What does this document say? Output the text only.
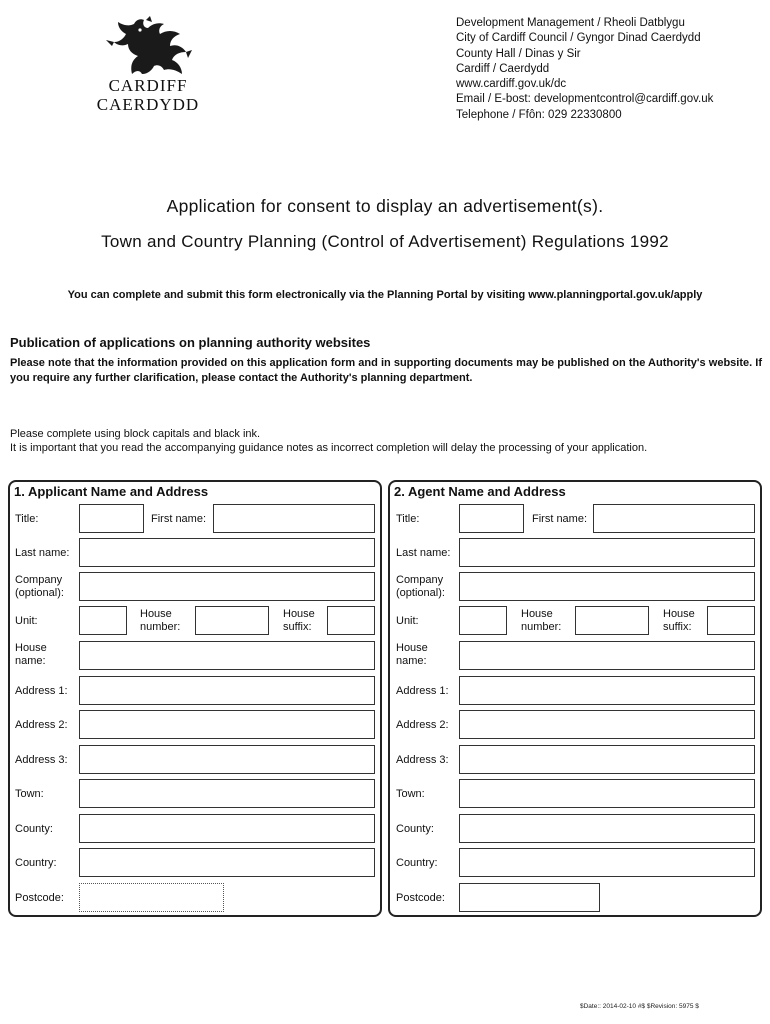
CARDIFF
CAERDYDD
Development Management / Rheoli Datblygu
City of Cardiff Council / Gyngor Dinad Caerdydd
County Hall / Dinas y Sir
Cardiff / Caerdydd
www.cardiff.gov.uk/dc
Email / E-bost: developmentcontrol@cardiff.gov.uk
Telephone / Ffôn: 029 22330800
Application for consent to display an advertisement(s).
Town and Country Planning (Control of Advertisement) Regulations 1992
You can complete and submit this form electronically via the Planning Portal by visiting www.planningportal.gov.uk/apply
Publication of applications on planning authority websites
Please note that the information provided on this application form and in supporting documents may be published on the Authority's website. If you require any further clarification, please contact the Authority's planning department.
Please complete using block capitals and black ink.
It is important that you read the accompanying guidance notes as incorrect completion will delay the processing of your application.
1. Applicant Name and Address
Title:	First name:
Last name:
Company (optional):
Unit:
House number:
House suffix:
House name:
Address 1:
Address 2:
Address 3:
Town:
County:
Country:
Postcode:
2. Agent Name and Address
Title:	First name:
Last name:
Company (optional):
Unit:
House number:
House suffix:
House name:
Address 1:
Address 2:
Address 3:
Town:
County:
Country:
Postcode:
$Date:: 2014-02-10 #$ $Revision: 5975 $
